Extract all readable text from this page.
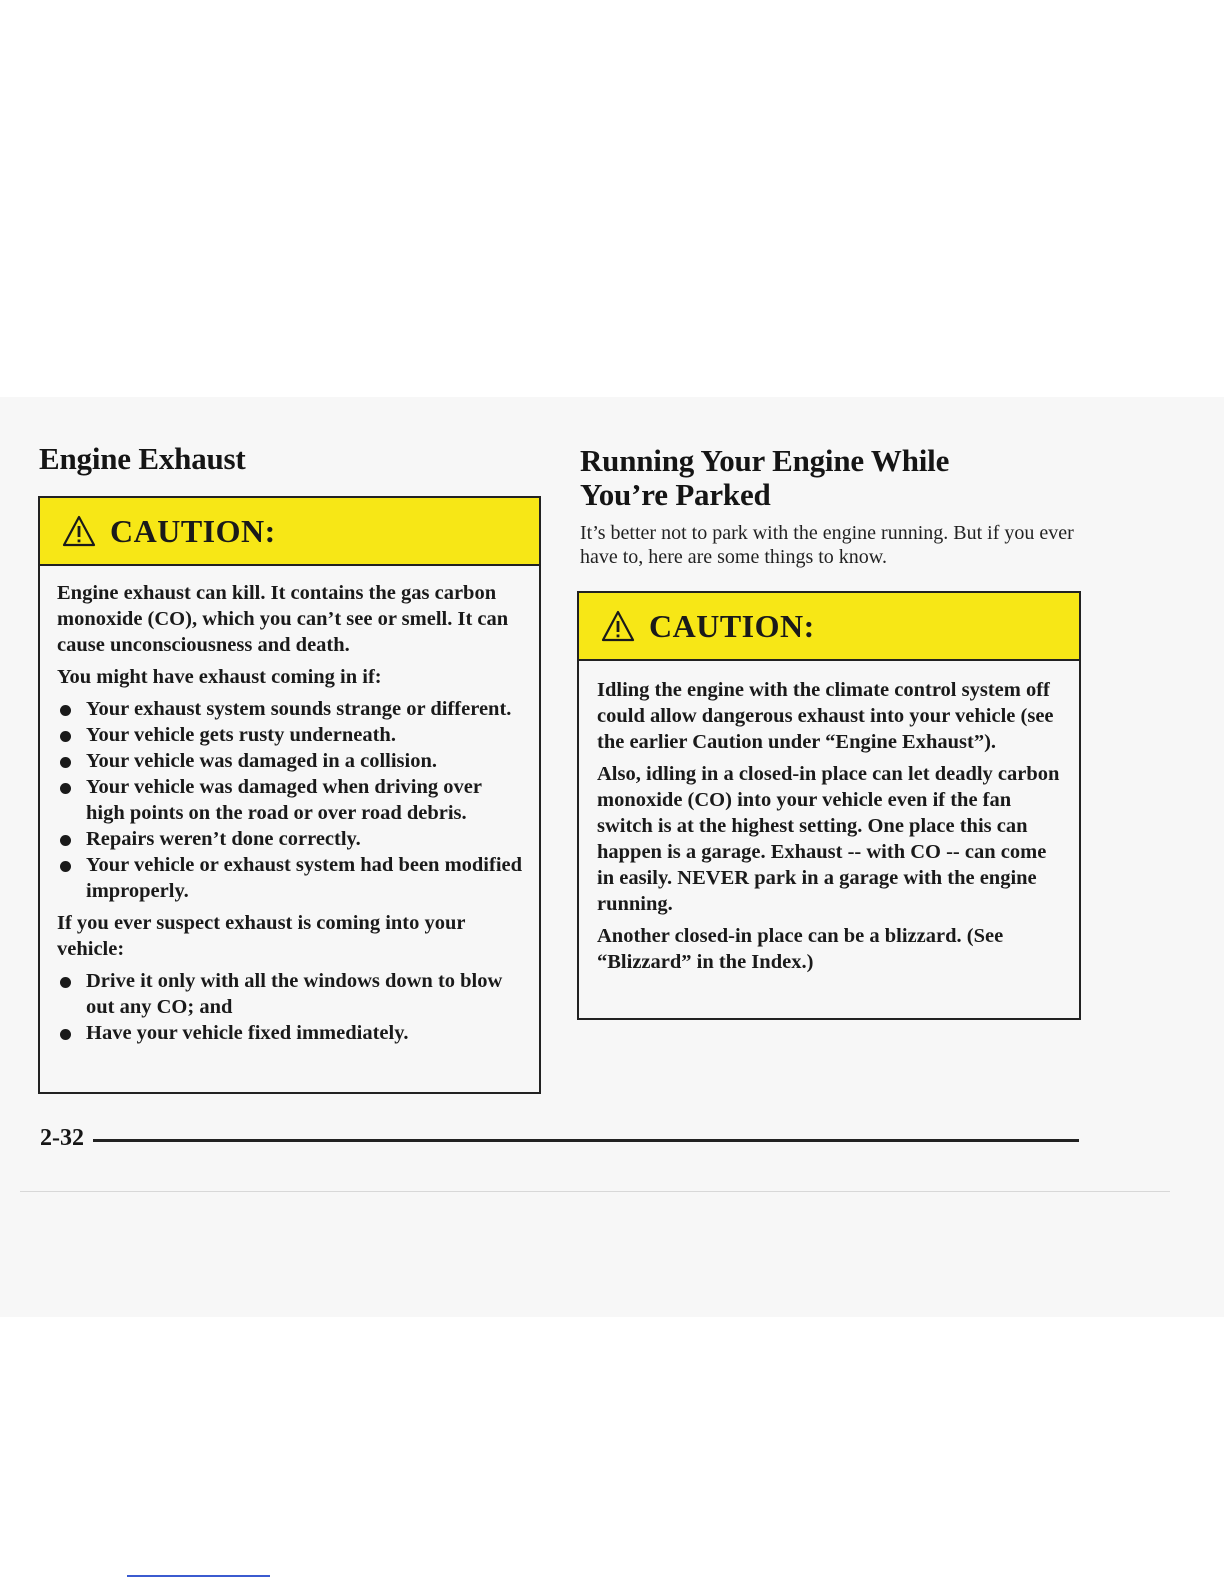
Engine Exhaust
CAUTION:

Engine exhaust can kill. It contains the gas carbon monoxide (CO), which you can’t see or smell. It can cause unconsciousness and death.

You might have exhaust coming in if:

Your exhaust system sounds strange or different.
Your vehicle gets rusty underneath.
Your vehicle was damaged in a collision.
Your vehicle was damaged when driving over high points on the road or over road debris.
Repairs weren’t done correctly.
Your vehicle or exhaust system had been modified improperly.

If you ever suspect exhaust is coming into your vehicle:

Drive it only with all the windows down to blow out any CO; and
Have your vehicle fixed immediately.
Running Your Engine While
You’re Parked

It’s better not to park with the engine running. But if you ever have to, here are some things to know.

CAUTION:

Idling the engine with the climate control system off could allow dangerous exhaust into your vehicle (see the earlier Caution under “Engine Exhaust”).

Also, idling in a closed-in place can let deadly carbon monoxide (CO) into your vehicle even if the fan switch is at the highest setting. One place this can happen is a garage. Exhaust -- with CO -- can come in easily. NEVER park in a garage with the engine running.

Another closed-in place can be a blizzard. (See “Blizzard” in the Index.)

2-32
